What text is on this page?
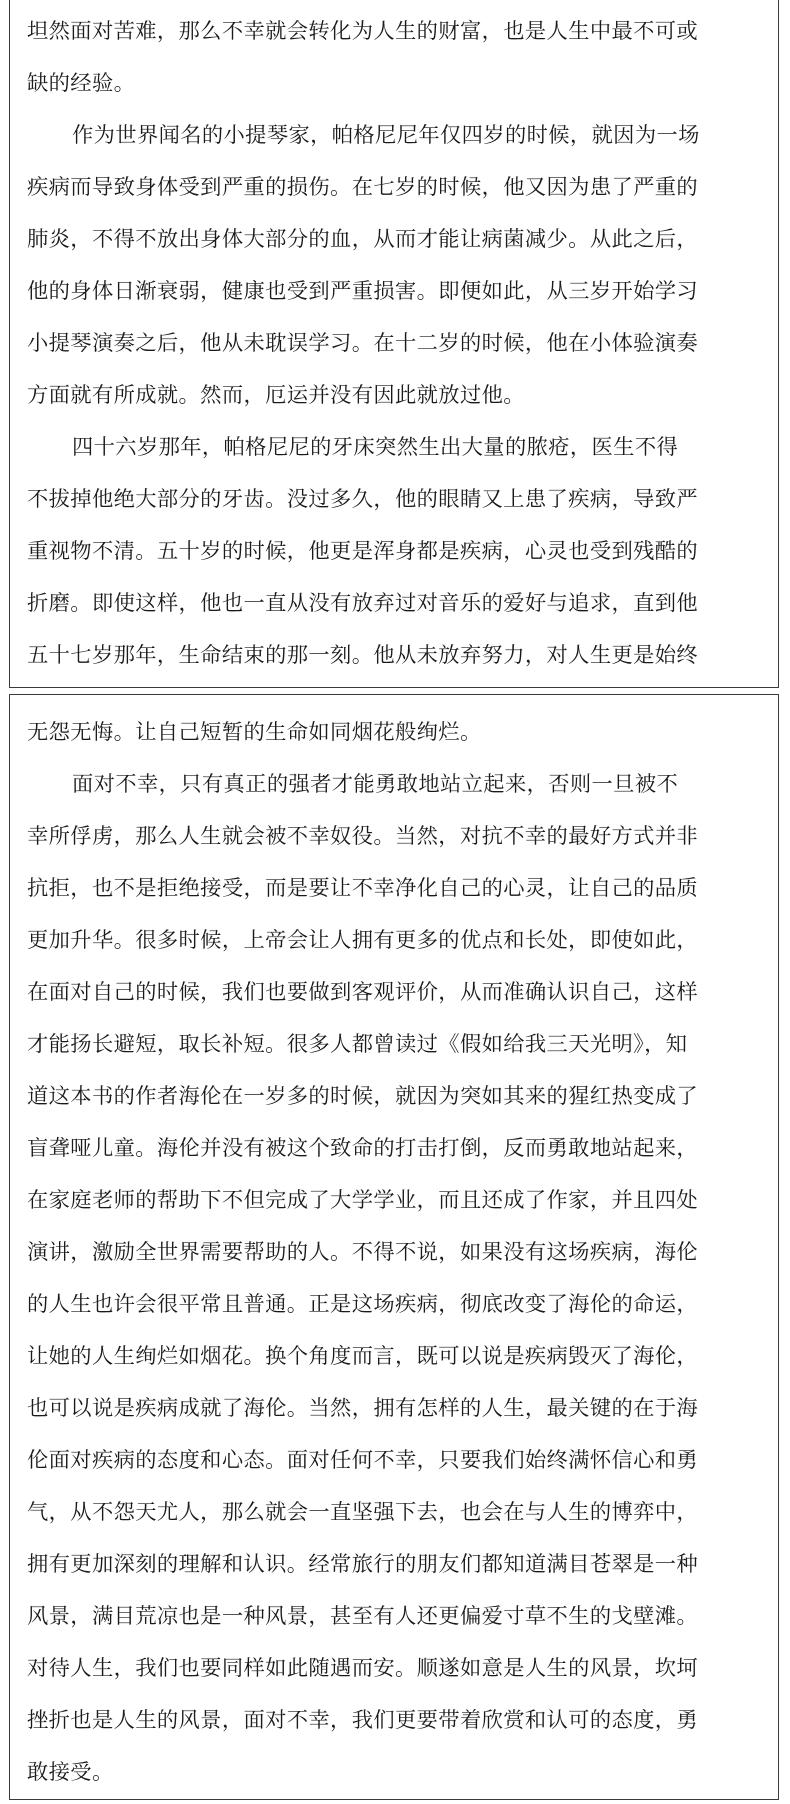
坦然面对苦难，那么不幸就会转化为人生的财富，也是人生中最不可或
缺的经验。
作为世界闻名的小提琴家，帕格尼尼年仅四岁的时候，就因为一场
疾病而导致身体受到严重的损伤。在七岁的时候，他又因为患了严重的
肺炎，不得不放出身体大部分的血，从而才能让病菌减少。从此之后，
他的身体日渐衰弱，健康也受到严重损害。即便如此，从三岁开始学习
小提琴演奏之后，他从未耽误学习。在十二岁的时候，他在小体验演奏
方面就有所成就。然而，厄运并没有因此就放过他。
四十六岁那年，帕格尼尼的牙床突然生出大量的脓疮，医生不得
不拔掉他绝大部分的牙齿。没过多久，他的眼睛又上患了疾病，导致严
重视物不清。五十岁的时候，他更是浑身都是疾病，心灵也受到残酷的
折磨。即使这样，他也一直从没有放弃过对音乐的爱好与追求，直到他
五十七岁那年，生命结束的那一刻。他从未放弃努力，对人生更是始终
无怨无悔。让自己短暂的生命如同烟花般绚烂。
面对不幸，只有真正的强者才能勇敢地站立起来，否则一旦被不
幸所俘虏，那么人生就会被不幸奴役。当然，对抗不幸的最好方式并非
抗拒，也不是拒绝接受，而是要让不幸净化自己的心灵，让自己的品质
更加升华。很多时候，上帝会让人拥有更多的优点和长处，即使如此，
在面对自己的时候，我们也要做到客观评价，从而准确认识自己，这样
才能扬长避短，取长补短。很多人都曾读过《假如给我三天光明》，知
道这本书的作者海伦在一岁多的时候，就因为突如其来的猩红热变成了
盲聋哑儿童。海伦并没有被这个致命的打击打倒，反而勇敢地站起来，
在家庭老师的帮助下不但完成了大学学业，而且还成了作家，并且四处
演讲，激励全世界需要帮助的人。不得不说，如果没有这场疾病，海伦
的人生也许会很平常且普通。正是这场疾病，彻底改变了海伦的命运，
让她的人生绚烂如烟花。换个角度而言，既可以说是疾病毁灭了海伦，
也可以说是疾病成就了海伦。当然，拥有怎样的人生，最关键的在于海
伦面对疾病的态度和心态。面对任何不幸，只要我们始终满怀信心和勇
气，从不怨天尤人，那么就会一直坚强下去，也会在与人生的博弈中，
拥有更加深刻的理解和认识。经常旅行的朋友们都知道满目苍翠是一种
风景，满目荒凉也是一种风景，甚至有人还更偏爱寸草不生的戈壁滩。
对待人生，我们也要同样如此随遇而安。顺遂如意是人生的风景，坎坷
挫折也是人生的风景，面对不幸，我们更要带着欣赏和认可的态度，勇
敢接受。
